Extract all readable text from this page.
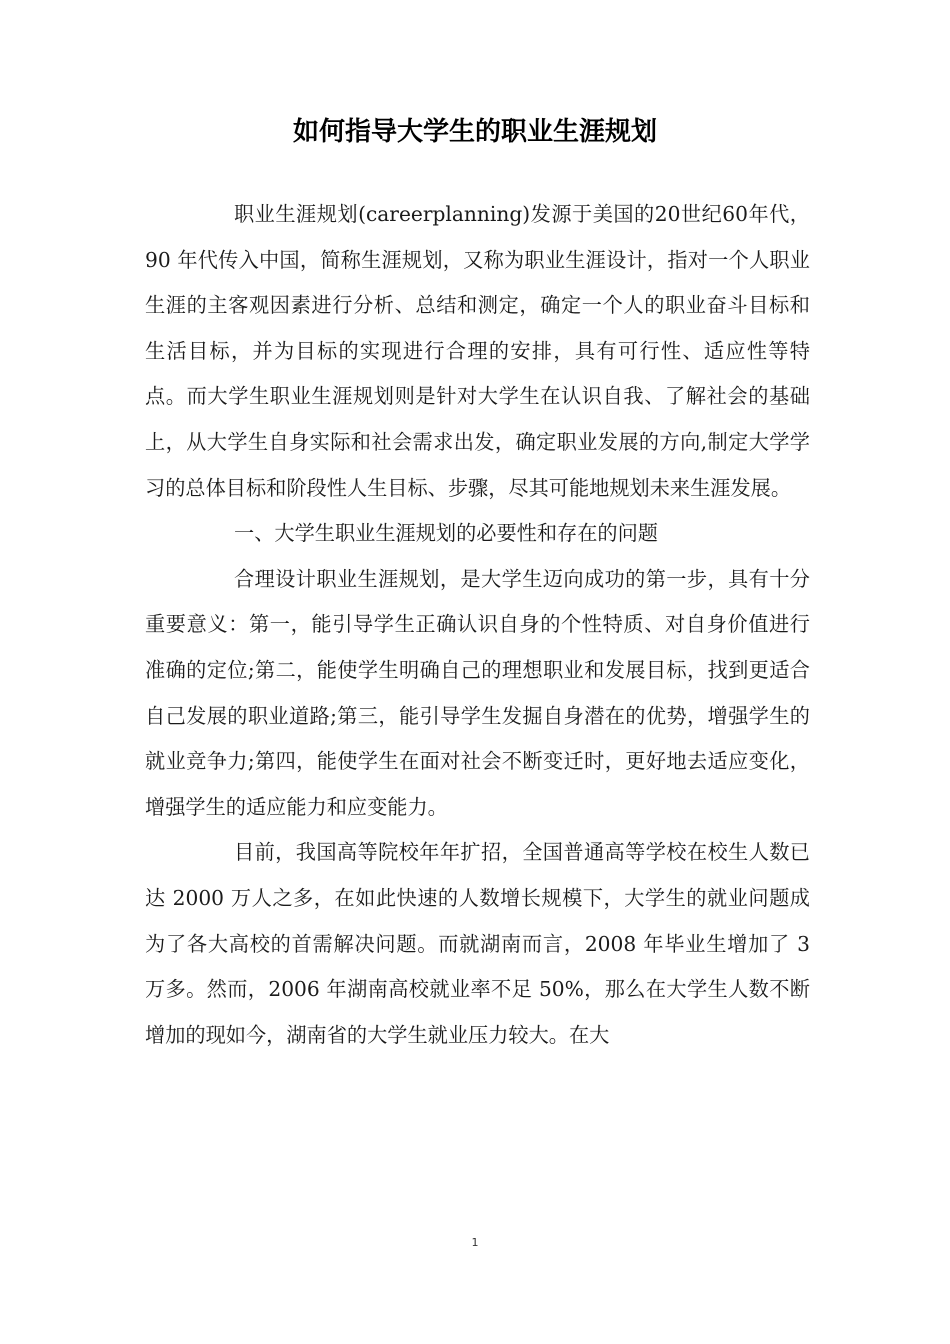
如何指导大学生的职业生涯规划

职业生涯规划(careerplanning)发源于美国的20世纪60年代，90 年代传入中国，简称生涯规划，又称为职业生涯设计，指对一个人职业生涯的主客观因素进行分析、总结和测定，确定一个人的职业奋斗目标和生活目标，并为目标的实现进行合理的安排，具有可行性、适应性等特点。而大学生职业生涯规划则是针对大学生在认识自我、了解社会的基础上，从大学生自身实际和社会需求出发，确定职业发展的方向,制定大学学习的总体目标和阶段性人生目标、步骤，尽其可能地规划未来生涯发展。

一、大学生职业生涯规划的必要性和存在的问题

合理设计职业生涯规划，是大学生迈向成功的第一步，具有十分重要意义：第一，能引导学生正确认识自身的个性特质、对自身价值进行准确的定位;第二，能使学生明确自己的理想职业和发展目标，找到更适合自己发展的职业道路;第三，能引导学生发掘自身潜在的优势，增强学生的就业竞争力;第四，能使学生在面对社会不断变迁时，更好地去适应变化，增强学生的适应能力和应变能力。

目前，我国高等院校年年扩招，全国普通高等学校在校生人数已达 2000 万人之多，在如此快速的人数增长规模下，大学生的就业问题成为了各大高校的首需解决问题。而就湖南而言，2008 年毕业生增加了 3 万多。然而，2006 年湖南高校就业率不足 50%，那么在大学生人数不断增加的现如今，湖南省的大学生就业压力较大。在大

1
